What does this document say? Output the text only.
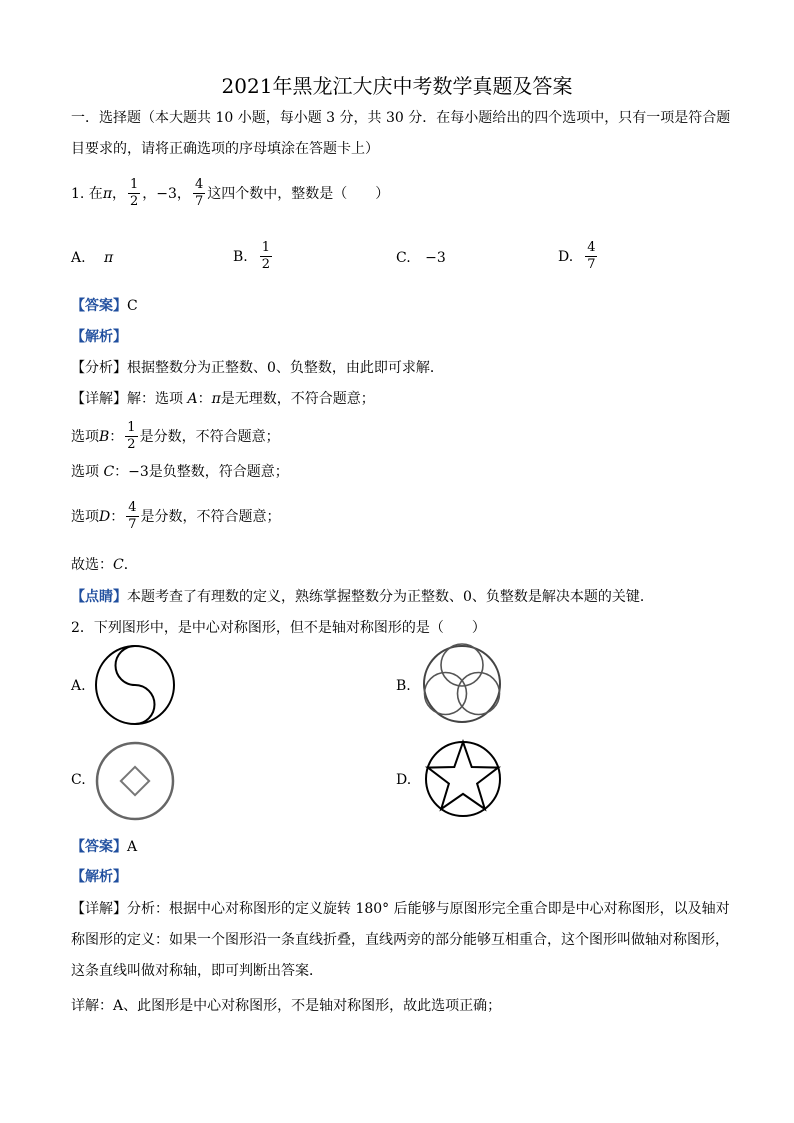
2021年黑龙江大庆中考数学真题及答案
一．选择题（本大题共 10 小题，每小题 3 分，共 30 分．在每小题给出的四个选项中，只有一项是符合题
目要求的，请将正确选项的序母填涂在答题卡上）
1. 在 π ， $\frac{1}{2}$ ，−3， $\frac{4}{7}$ 这四个数中，整数是（　　）
A. π	B. $\frac{1}{2}$	C. −3	D. $\frac{4}{7}$
【答案】C
【解析】
【分析】根据整数分为正整数、0、负整数，由此即可求解．
【详解】解：选项 A：π是无理数，不符合题意；
选项 B ： $\frac{1}{2}$ 是分数，不符合题意；
选项 C：−3是负整数，符合题意；
选项 D ： $\frac{4}{7}$ 是分数，不符合题意；
故选：C．
【点睛】本题考查了有理数的定义，熟练掌握整数分为正整数、0、负整数是解决本题的关键．
2．下列图形中，是中心对称图形，但不是轴对称图形的是（　　）
A.	B.
C.	D.
【答案】A
【解析】
【详解】分析：根据中心对称图形的定义旋转 180° 后能够与原图形完全重合即是中心对称图形，以及轴对
称图形的定义：如果一个图形沿一条直线折叠，直线两旁的部分能够互相重合，这个图形叫做轴对称图形，
这条直线叫做对称轴，即可判断出答案．
详解：A、此图形是中心对称图形，不是轴对称图形，故此选项正确；
